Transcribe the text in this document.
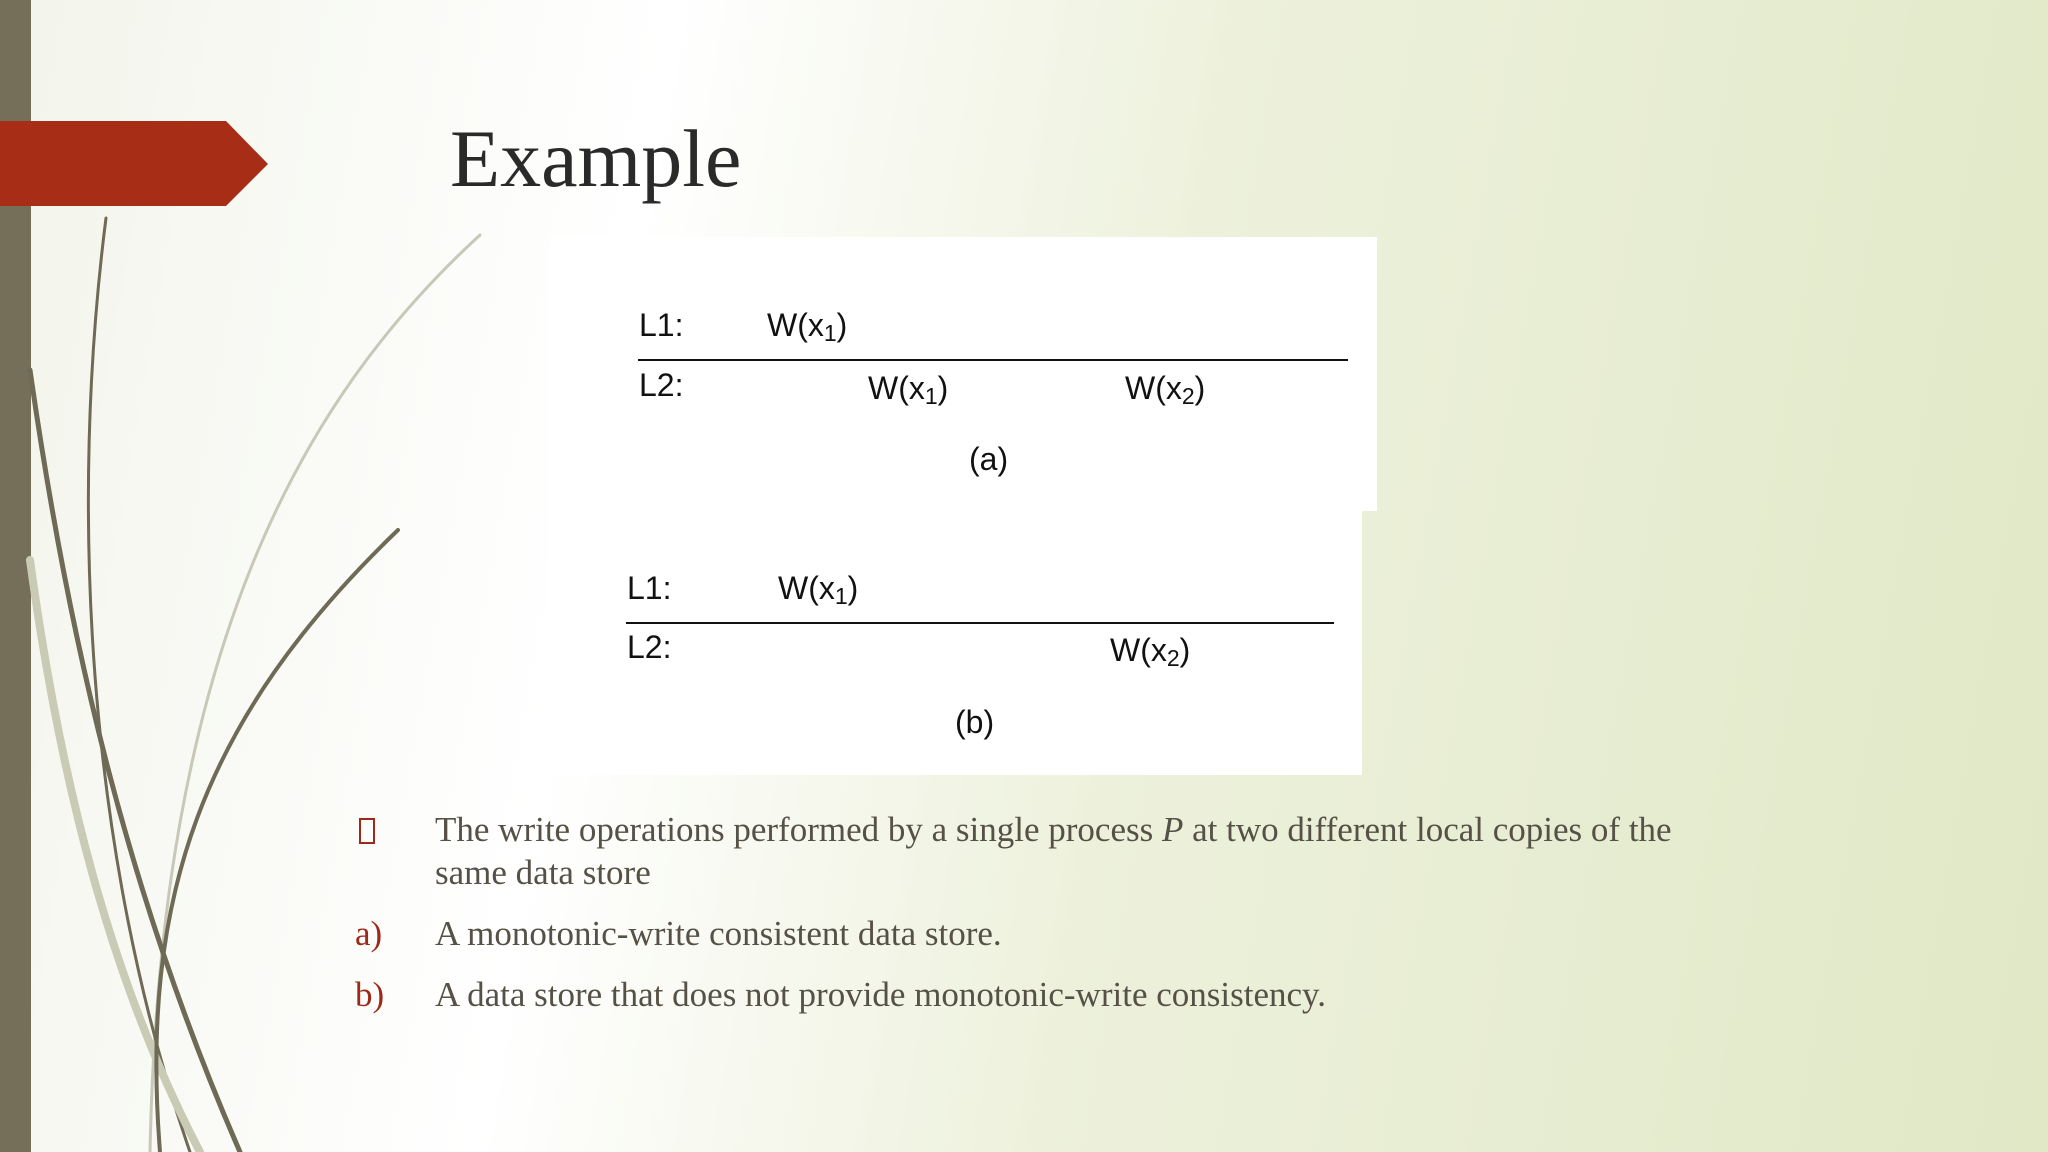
Example
L1:	$W(x_1)$
L2:	$W(x_1)$	$W(x_2)$
(a)
L1:	$W(x_1)$
L2:	$W(x_2)$
(b)
The write operations performed by a single process P at two different local copies of the same data store
a) A monotonic-write consistent data store.
b) A data store that does not provide monotonic-write consistency.
